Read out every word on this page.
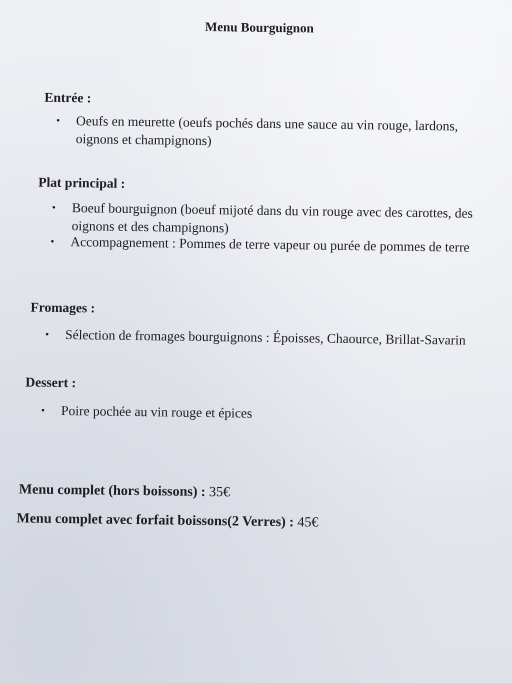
Menu Bourguignon
Entrée :
• Oeufs en meurette (oeufs pochés dans une sauce au vin rouge, lardons, oignons et champignons)
Plat principal :
• Boeuf bourguignon (boeuf mijoté dans du vin rouge avec des carottes, des oignons et des champignons)
• Accompagnement : Pommes de terre vapeur ou purée de pommes de terre
Fromages :
• Sélection de fromages bourguignons : Époisses, Chaource, Brillat-Savarin
Dessert :
• Poire pochée au vin rouge et épices
Menu complet (hors boissons) : 35€
Menu complet avec forfait boissons(2 Verres) : 45€
